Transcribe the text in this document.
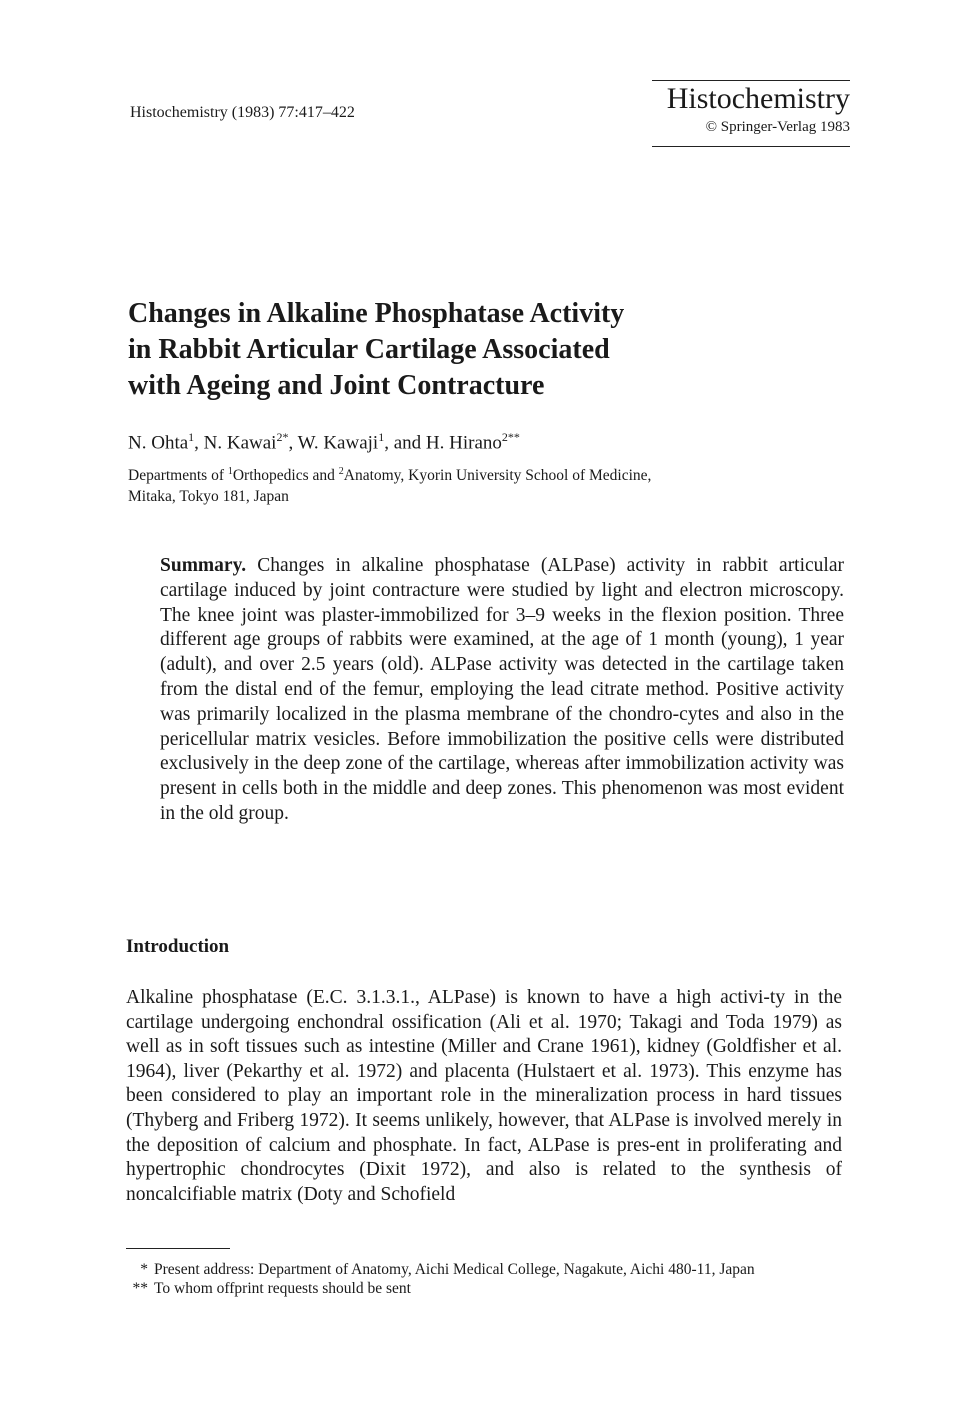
Histochemistry (1983) 77:417–422	Histochemistry
© Springer-Verlag 1983
Changes in Alkaline Phosphatase Activity
in Rabbit Articular Cartilage Associated
with Ageing and Joint Contracture
N. Ohta$^1$, N. Kawai$^{2*}$, W. Kawaji$^1$, and H. Hirano$^{2**}$
Departments of $^1$Orthopedics and $^2$Anatomy, Kyorin University School of Medicine,
Mitaka, Tokyo 181, Japan
Summary. Changes in alkaline phosphatase (ALPase) activity in rabbit articular cartilage induced by joint contracture were studied by light and electron microscopy. The knee joint was plaster-immobilized for 3–9 weeks in the flexion position. Three different age groups of rabbits were examined, at the age of 1 month (young), 1 year (adult), and over 2.5 years (old). ALPase activity was detected in the cartilage taken from the distal end of the femur, employing the lead citrate method. Positive activity was primarily localized in the plasma membrane of the chondro-cytes and also in the pericellular matrix vesicles. Before immobilization the positive cells were distributed exclusively in the deep zone of the cartilage, whereas after immobilization activity was present in cells both in the middle and deep zones. This phenomenon was most evident in the old group.
Introduction
Alkaline phosphatase (E.C. 3.1.3.1., ALPase) is known to have a high activi-ty in the cartilage undergoing enchondral ossification (Ali et al. 1970; Takagi and Toda 1979) as well as in soft tissues such as intestine (Miller and Crane 1961), kidney (Goldfisher et al. 1964), liver (Pekarthy et al. 1972) and placenta (Hulstaert et al. 1973). This enzyme has been considered to play an important role in the mineralization process in hard tissues (Thyberg and Friberg 1972). It seems unlikely, however, that ALPase is involved merely in the deposition of calcium and phosphate. In fact, ALPase is pres-ent in proliferating and hypertrophic chondrocytes (Dixit 1972), and also is related to the synthesis of noncalcifiable matrix (Doty and Schofield
* Present address: Department of Anatomy, Aichi Medical College, Nagakute, Aichi 480-11, Japan
** To whom offprint requests should be sent
